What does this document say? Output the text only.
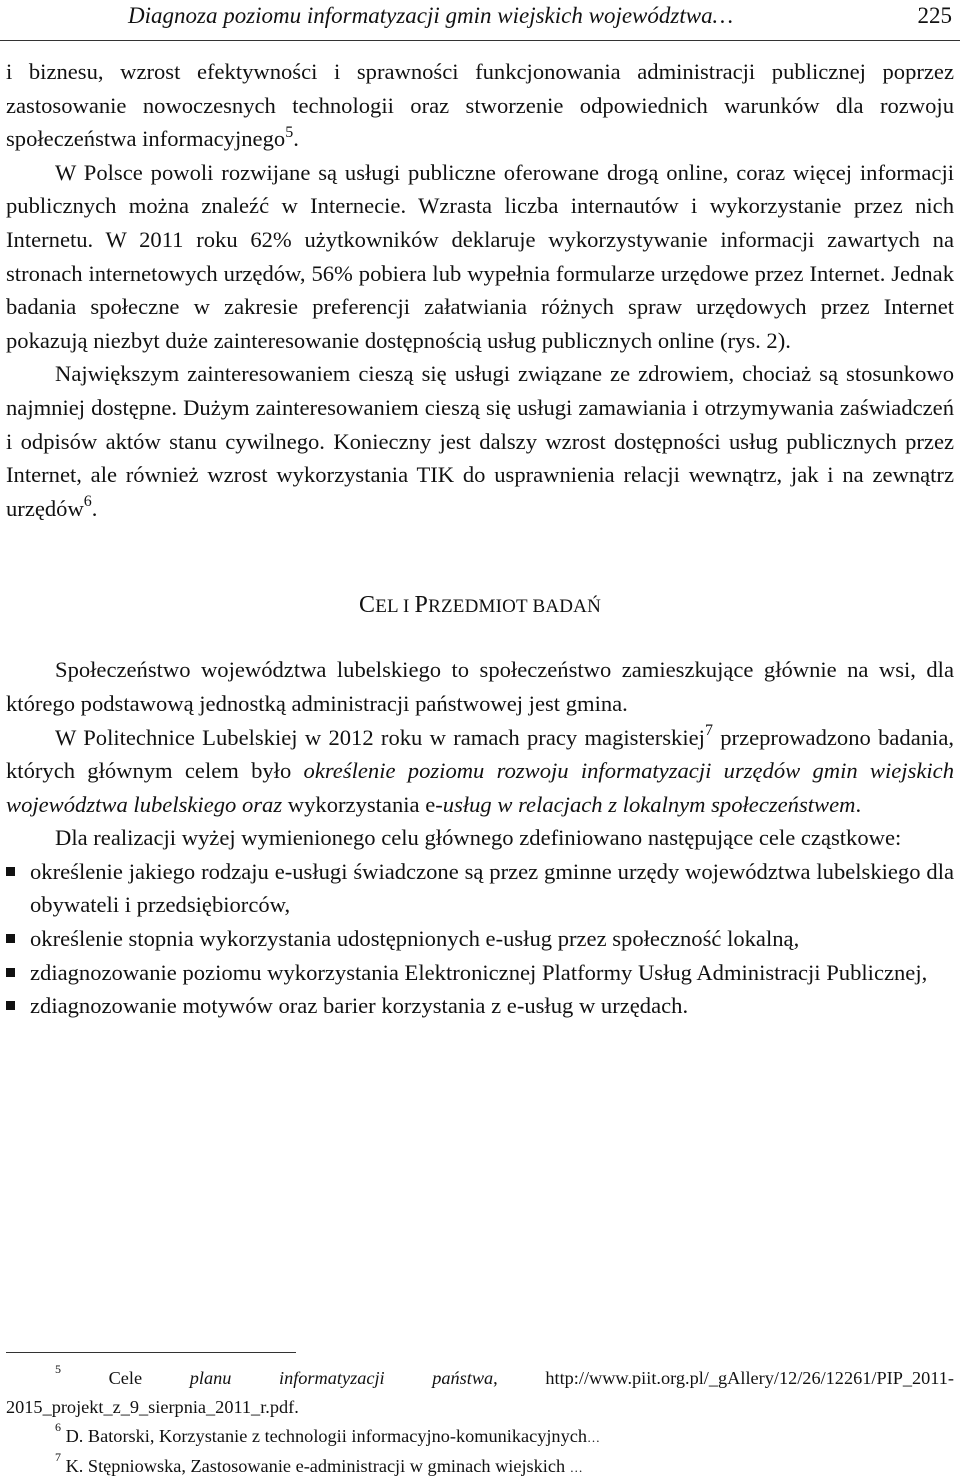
Diagnoza poziomu informatyzacji gmin wiejskich województwa…	225

i biznesu, wzrost efektywności i sprawności funkcjonowania administracji publicznej poprzez zastosowanie nowoczesnych technologii oraz stworzenie odpowiednich warunków dla rozwoju społeczeństwa informacyjnego$^5$.

W Polsce powoli rozwijane są usługi publiczne oferowane drogą online, coraz więcej informacji publicznych można znaleźć w Internecie. Wzrasta liczba internautów i wykorzystanie przez nich Internetu. W 2011 roku 62% użytkowników deklaruje wykorzystywanie informacji zawartych na stronach internetowych urzędów, 56% pobiera lub wypełnia formularze urzędowe przez Internet. Jednak badania społeczne w zakresie preferencji załatwiania różnych spraw urzędowych przez Internet pokazują niezbyt duże zainteresowanie dostępnością usług publicznych online (rys. 2).

Największym zainteresowaniem cieszą się usługi związane ze zdrowiem, chociaż są stosunkowo najmniej dostępne. Dużym zainteresowaniem cieszą się usługi zamawiania i otrzymywania zaświadczeń i odpisów aktów stanu cywilnego. Konieczny jest dalszy wzrost dostępności usług publicznych przez Internet, ale również wzrost wykorzystania TIK do usprawnienia relacji wewnątrz, jak i na zewnątrz urzędów$^6$.

CEL I PRZEDMIOT BADAŃ

Społeczeństwo województwa lubelskiego to społeczeństwo zamieszkujące głównie na wsi, dla którego podstawową jednostką administracji państwowej jest gmina.

W Politechnice Lubelskiej w 2012 roku w ramach pracy magisterskiej$^7$ przeprowadzono badania, których głównym celem było określenie poziomu rozwoju informatyzacji urzędów gmin wiejskich województwa lubelskiego oraz wykorzystania e-usług w relacjach z lokalnym społeczeństwem.

Dla realizacji wyżej wymienionego celu głównego zdefiniowano następujące cele cząstkowe:

określenie jakiego rodzaju e-usługi świadczone są przez gminne urzędy województwa lubelskiego dla obywateli i przedsiębiorców,
określenie stopnia wykorzystania udostępnionych e-usług przez społeczność lokalną,
zdiagnozowanie poziomu wykorzystania Elektronicznej Platformy Usług Administracji Publicznej,
zdiagnozowanie motywów oraz barier korzystania z e-usług w urzędach.

$^5$ Cele planu informatyzacji państwa, http://www.piit.org.pl/_gAllery/12/26/12261/PIP_2011-2015_projekt_z_9_sierpnia_2011_r.pdf.

$^6$ D. Batorski, Korzystanie z technologii informacyjno-komunikacyjnych…

$^7$ K. Stępniowska, Zastosowanie e-administracji w gminach wiejskich …
